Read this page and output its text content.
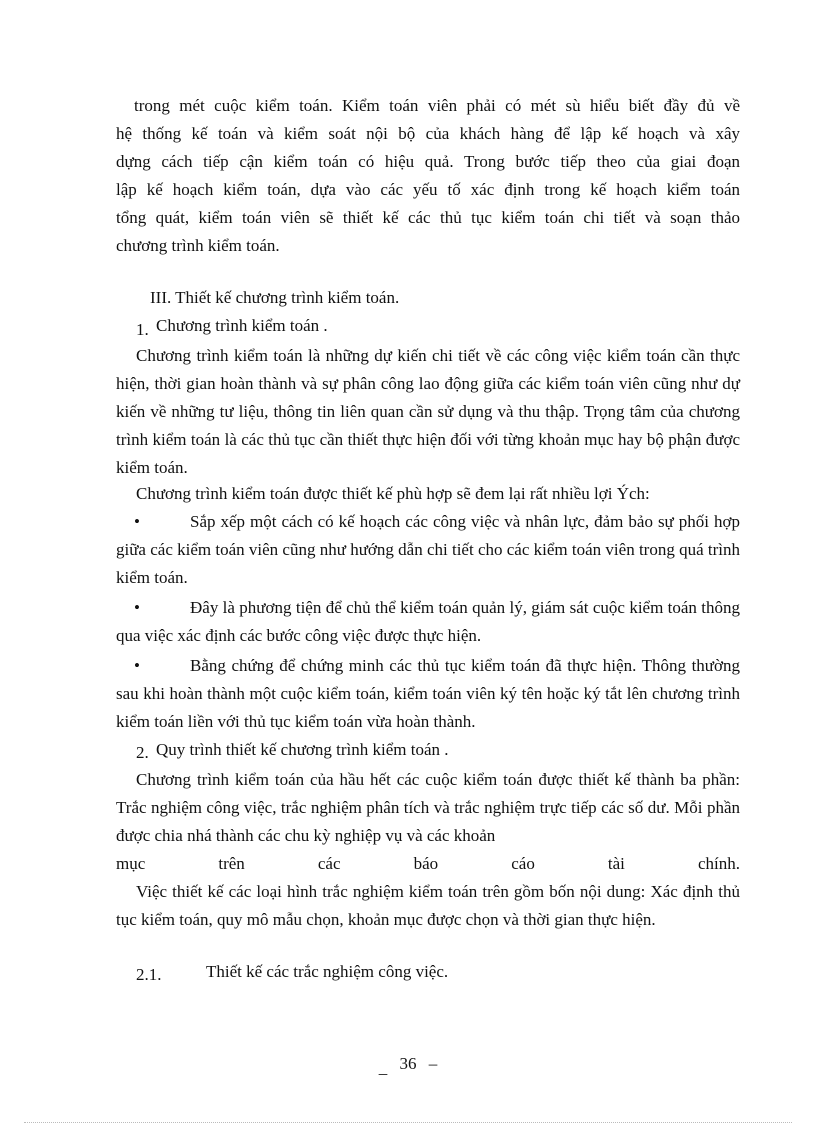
trong mét cuộc kiểm toán. Kiểm toán viên phải có mét sù hiểu biết đầy đủ về

hệ thống kế toán và kiểm soát nội bộ của khách hàng để lập kế hoạch và xây

dựng cách tiếp cận kiểm toán có hiệu quả. Trong bước tiếp theo của giai đoạn

lập kế hoạch kiểm toán, dựa vào các yếu tố xác định trong kế hoạch kiểm toán

tổng quát, kiểm toán viên sẽ thiết kế các thủ tục kiểm toán chi tiết và soạn thảo

chương trình kiểm toán.

III. Thiết kế chương trình kiểm toán.

1. Chương trình kiểm toán .

Chương trình kiểm toán là những dự kiến chi tiết về các công việc kiểm toán cần thực hiện, thời gian hoàn thành và sự phân công lao động giữa các kiểm toán viên cũng như dự kiến về những tư liệu, thông tin liên quan cần sử dụng và thu thập. Trọng tâm của chương trình kiểm toán là các thủ tục cần thiết thực hiện đối với từng khoản mục hay bộ phận được kiểm toán.

Chương trình kiểm toán được thiết kế phù hợp sẽ đem lại rất nhiều lợi Ých:

•	Sắp xếp một cách có kế hoạch các công việc và nhân lực, đảm bảo sự phối hợp giữa các kiểm toán viên cũng như hướng dẫn chi tiết cho các kiểm toán viên trong quá trình kiểm toán.

•	Đây là phương tiện để chủ thể kiểm toán quản lý, giám sát cuộc kiểm toán thông qua việc xác định các bước công việc được thực hiện.

•	Bằng chứng để chứng minh các thủ tục kiểm toán đã thực hiện. Thông thường sau khi hoàn thành một cuộc kiểm toán, kiểm toán viên ký tên hoặc ký tắt lên chương trình kiểm toán liền với thủ tục kiểm toán vừa hoàn thành.

2. Quy trình thiết kế chương trình kiểm toán .

Chương trình kiểm toán của hầu hết các cuộc kiểm toán được thiết kế thành ba phần: Trắc nghiệm công việc, trắc nghiệm phân tích và trắc nghiệm trực tiếp các số dư. Mỗi phần được chia nhá thành các chu kỳ nghiệp vụ và các khoản

mục trên các báo cáo tài chính.

Việc thiết kế các loại hình trắc nghiệm kiểm toán trên gồm bốn nội dung: Xác định thủ tục kiểm toán, quy mô mẫu chọn, khoản mục được chọn và thời gian thực hiện.

2.1.	Thiết kế các trắc nghiệm công việc.

_ 36 –
